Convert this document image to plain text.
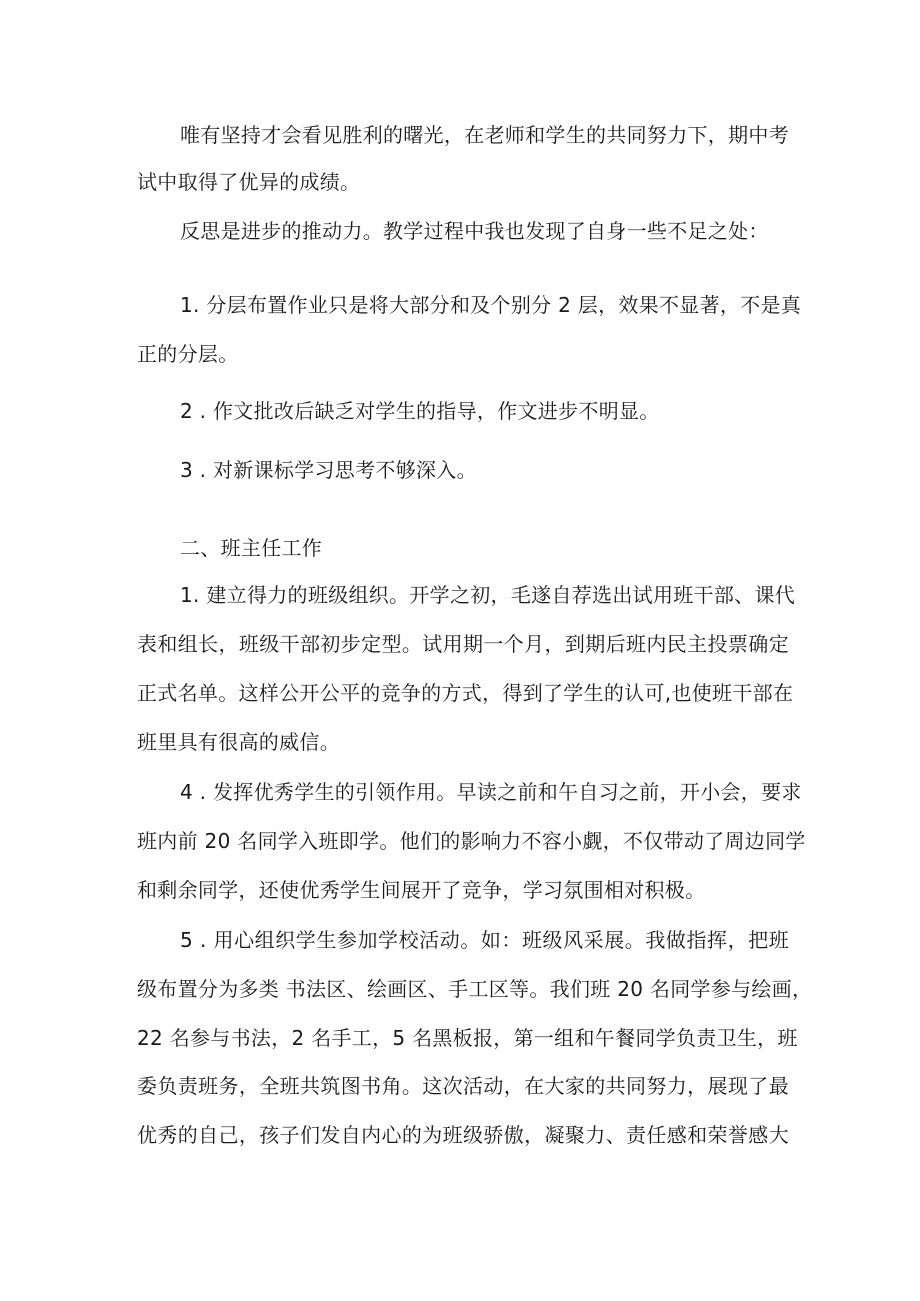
唯有坚持才会看见胜利的曙光，在老师和学生的共同努力下，期中考
试中取得了优异的成绩。
反思是进步的推动力。教学过程中我也发现了自身一些不足之处：
1. 分层布置作业只是将大部分和及个别分 2 层，效果不显著，不是真
正的分层。
2 . 作文批改后缺乏对学生的指导，作文进步不明显。
3 . 对新课标学习思考不够深入。
二、班主任工作
1. 建立得力的班级组织。开学之初，毛遂自荐选出试用班干部、课代
表和组长，班级干部初步定型。试用期一个月，到期后班内民主投票确定
正式名单。这样公开公平的竞争的方式，得到了学生的认可,也使班干部在
班里具有很高的威信。
4 . 发挥优秀学生的引领作用。早读之前和午自习之前，开小会，要求
班内前 20 名同学入班即学。他们的影响力不容小觑，不仅带动了周边同学
和剩余同学，还使优秀学生间展开了竞争，学习氛围相对积极。
5 . 用心组织学生参加学校活动。如：班级风采展。我做指挥，把班
级布置分为多类 书法区、绘画区、手工区等。我们班 20 名同学参与绘画，
22 名参与书法，2 名手工，5 名黑板报，第一组和午餐同学负责卫生，班
委负责班务，全班共筑图书角。这次活动，在大家的共同努力，展现了最
优秀的自己，孩子们发自内心的为班级骄傲，凝聚力、责任感和荣誉感大
